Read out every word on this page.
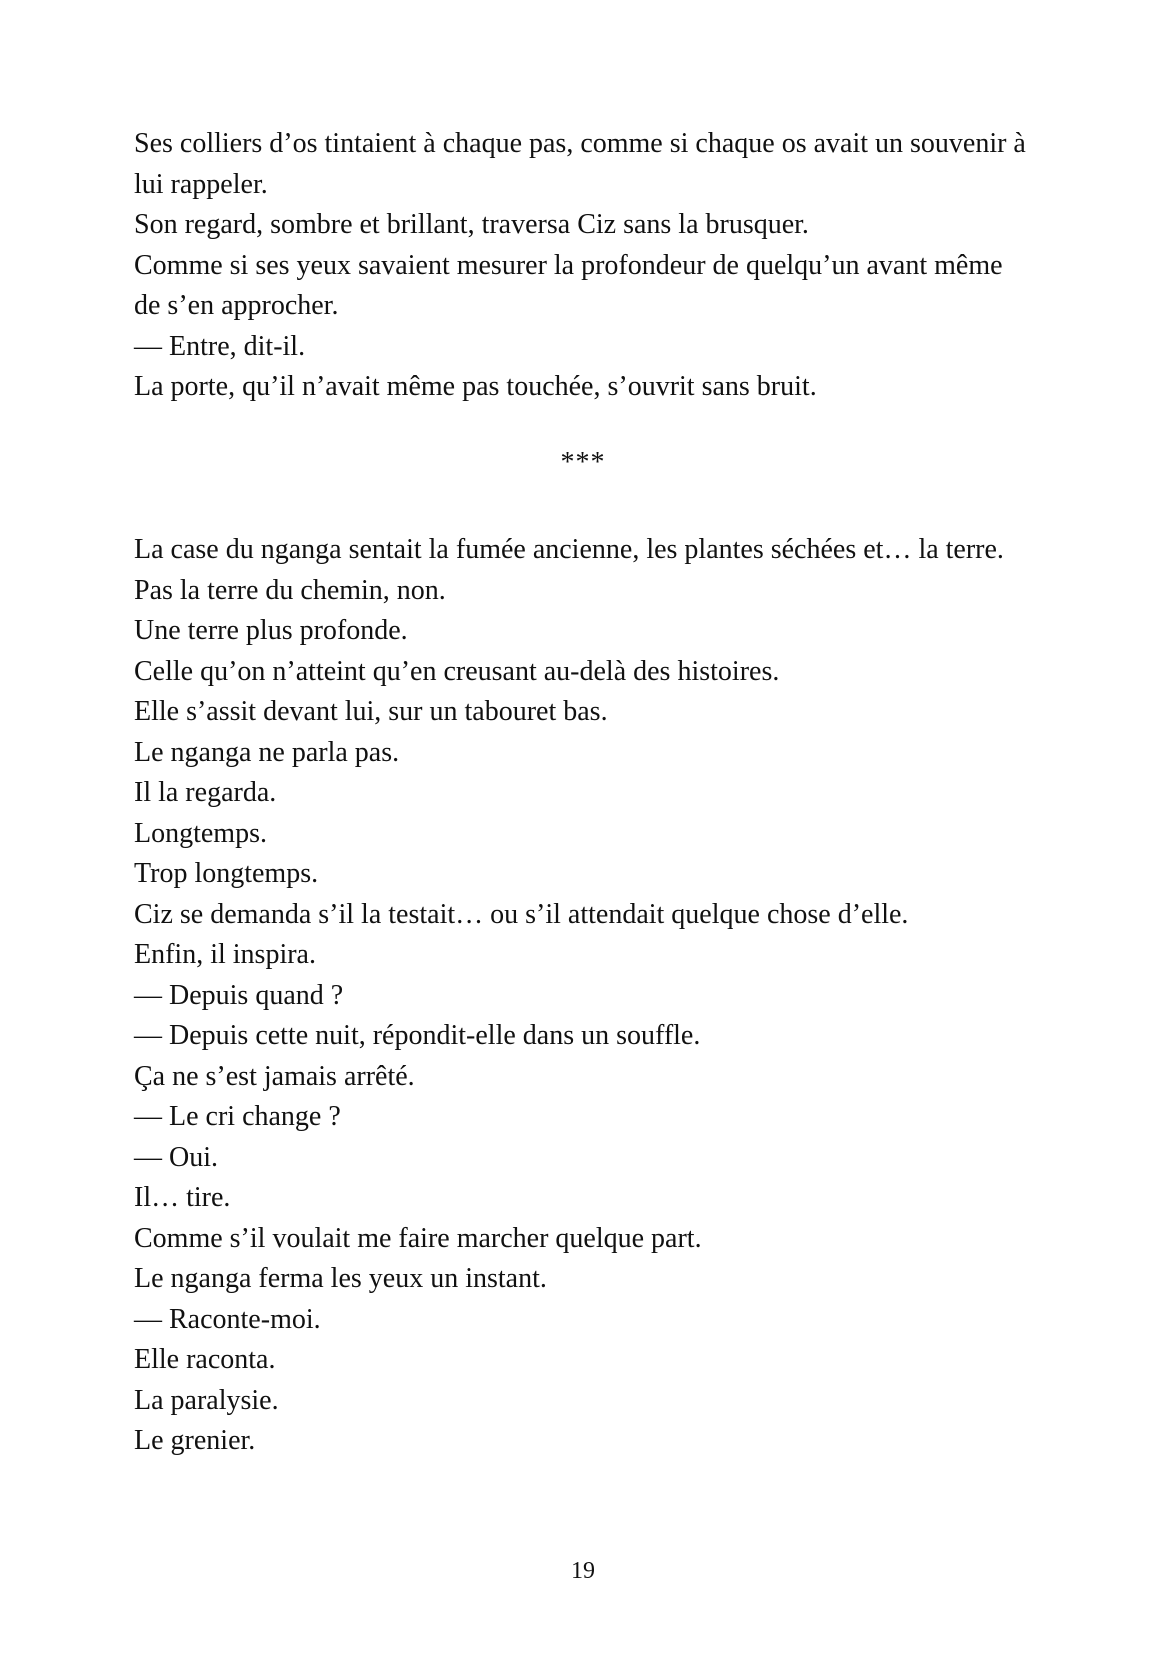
Ses colliers d’os tintaient à chaque pas, comme si chaque os avait un souvenir à lui rappeler.

Son regard, sombre et brillant, traversa Ciz sans la brusquer.

Comme si ses yeux savaient mesurer la profondeur de quelqu’un avant même de s’en approcher.

— Entre, dit-il.

La porte, qu’il n’avait même pas touchée, s’ouvrit sans bruit.

***

La case du nganga sentait la fumée ancienne, les plantes séchées et… la terre.

Pas la terre du chemin, non.

Une terre plus profonde.

Celle qu’on n’atteint qu’en creusant au-delà des histoires.

Elle s’assit devant lui, sur un tabouret bas.

Le nganga ne parla pas.

Il la regarda.

Longtemps.

Trop longtemps.

Ciz se demanda s’il la testait… ou s’il attendait quelque chose d’elle.

Enfin, il inspira.

— Depuis quand ?

— Depuis cette nuit, répondit-elle dans un souffle.

Ça ne s’est jamais arrêté.

— Le cri change ?

— Oui.

Il… tire.

Comme s’il voulait me faire marcher quelque part.

Le nganga ferma les yeux un instant.

— Raconte-moi.

Elle raconta.

La paralysie.

Le grenier.

19
